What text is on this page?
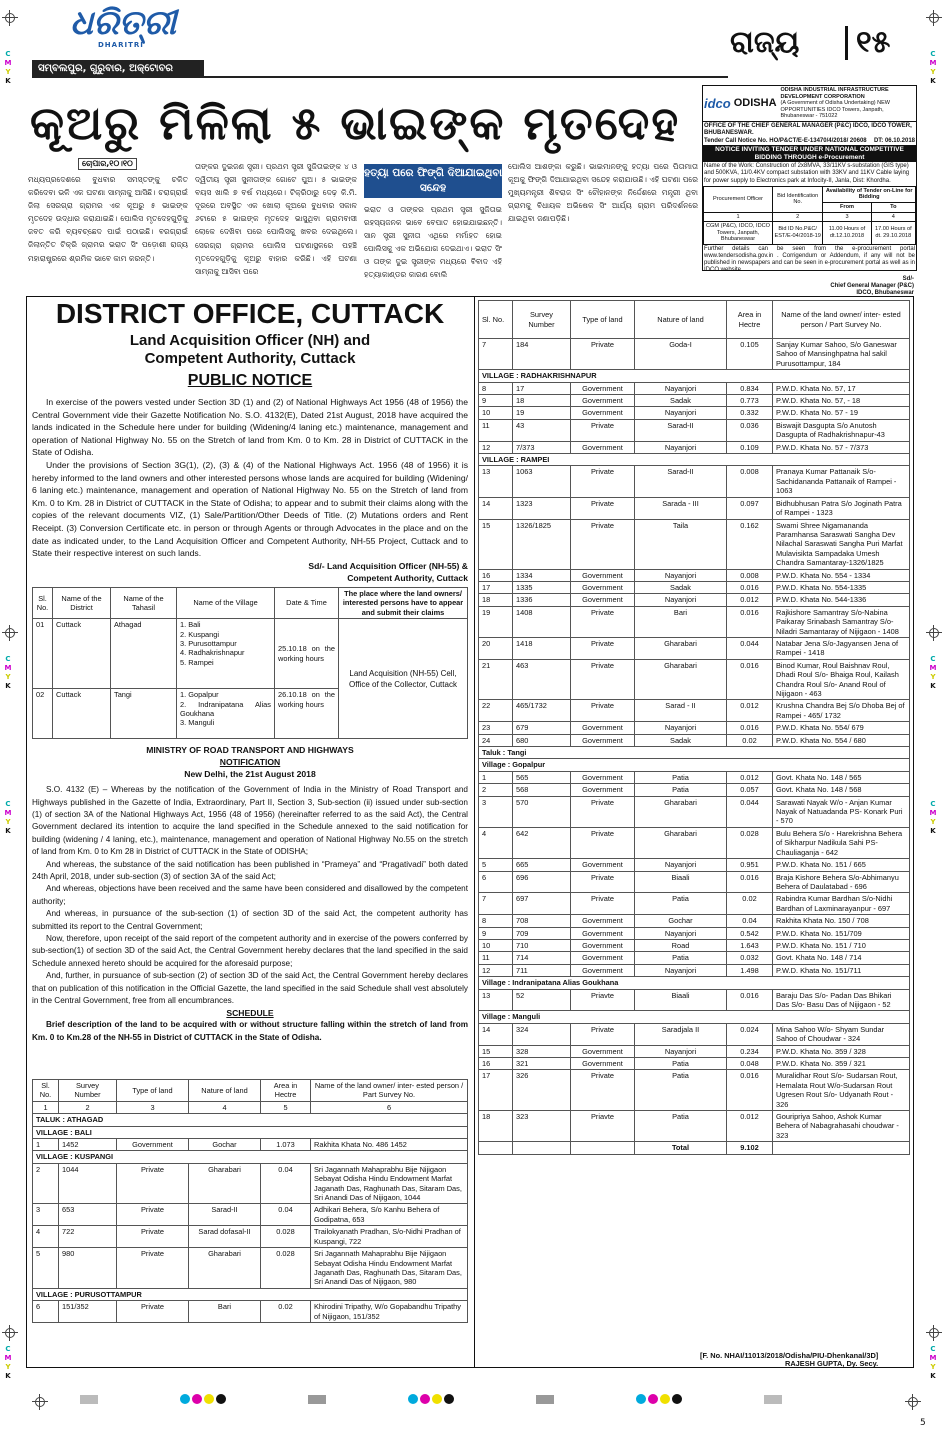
C
M
Y
K
C
M
Y
K
C
M
Y
K
C
M
Y
K
C
M
Y
K
C
M
Y
K
C
M
Y
K
C
M
Y
K
ଧରିତ୍ରୀ
DHARITRI
ସମ୍ବଲପୁର, ଗୁରୁବାର, ଅକ୍ଟୋବର ୧୧/୨୦୧୮
ରାଜ୍ୟ	୧୫
କୂଅରୁ ମିଳିଲା ୫ ଭାଇଙ୍କ ମୃତଦେହ
ଚୋପାର,୧୦।୧୦
ମଧ୍ୟପ୍ରଦେଶରେ ବୁଧବାର ସମସ୍ତଙ୍କୁ ଚକିତ କରିଦେବା ଭଳି ଏକ ଘଟଣା ସାମ୍ନାକୁ ଆସିଛି। ଚରାଗ୍ରାଇଁ ଜିଲା ସେରଗ୍ରା ଗ୍ରାମର ଏକ କୂଅରୁ ୫ ଭାଇଙ୍କ ମୃତଦେହ ଉଦ୍ଧାର କରାଯାଇଛି। ପୋଲିସ ମୃତଦେହଗୁଡ଼ିକୁ ଜବତ କରି ବ୍ୟବଚ୍ଛେଦ ପାଇଁ ପଠାଇଛି। ବରଗ୍ରାଇଁ ଜିଲାନ୍ତିତ ଟିକ୍ରି ଗ୍ରାମର ଭରାତ ସିଂ ପଡ଼ୋଶୀ ରାଜ୍ୟ ମହାରାଷ୍ଟ୍ରରେ ଶ୍ରମିକ ଭାବେ କାମ କରନ୍ତି।
ତାଙ୍କର ଦୁଇଜଣ ସ୍ତ୍ରୀ। ପ୍ରଥମ ସ୍ତ୍ରୀ ସୁଜିତାଇଙ୍କ ୪ ଓ ଦ୍ୱିତୀୟ ସ୍ତ୍ରୀ ସୁନୀତାଙ୍କ ଗୋଟେ ପୁଅ। ୫ ଭାଇଙ୍କ ବୟସ ଖାଲି ୭ ବର୍ଷ ମଧ୍ୟରେ। ଟିକ୍ରିଠାରୁ ଦେଢ଼ କି.ମି. ଦୂରରେ ଅବସ୍ଥିତ ଏକ ଖୋଲା କୂଅରେ ବୁଧବାର ସକାଳ ୬ଟାରେ ୫ ଭାଇଙ୍କ ମୃତଦେହ ଭାସୁଥିବା ଗ୍ରାମବାସୀ ଲୋକେ ଦେଖିବା ପରେ ପୋଲିସକୁ ଖବର ଦେଇଥିଲେ। ସେରଗ୍ରା ଗ୍ରାମର ପୋଲିସ ଘଟଣାସ୍ଥଳରେ ପହଞ୍ଚି ମୃତଦେହଗୁଡ଼ିକୁ କୂଅରୁ ବାହାର କରିଛି। ଏହି ଘଟଣା ସାମ୍ନାକୁ ଆସିବା ପରେ
ହତ୍ୟା ପରେ ଫିଙ୍ଗି ଦିଆଯାଇଥିବା ସନ୍ଦେହ
ଭରାତ ଓ ତାଙ୍କର ପ୍ରଥମ ସ୍ତ୍ରୀ ସୁଜିତାଇ ରହସ୍ୟଜନକ ଭାବେ ବେପାତ ହୋଇଯାଇଛନ୍ତି। ସାନ ସ୍ତ୍ରୀ ସୁନୀତା ଏଥିରେ ମର୍ମାହତ ହୋଇ ପୋଲିସକୁ ଏକ ଅଭିଯୋଗ ଦେଇଥାଏ। ଭରାତ ସିଂ ଓ ତାଙ୍କ ଦୁଇ ସ୍ତ୍ରୀଙ୍କ ମଧ୍ୟରେ ବିବାଦ ଏହି ହତ୍ୟାକାଣ୍ଡର କାରଣ ବୋଲି
ପୋଲିସ ଆଶଙ୍କା କରୁଛି। ଭାଇମାନଙ୍କୁ ହତ୍ୟା ପରେ ପିତାମାତା କୂଅକୁ ଫିଙ୍ଗି ଦିଆଯାଇଥିବା ସନ୍ଦେହ କରାଯାଉଛି। ଏହି ଘଟଣା ପରେ ମୁଖ୍ୟମନ୍ତ୍ରୀ ଶିବରାଜ ସିଂ ଚୌହାନଙ୍କ ନିର୍ଦ୍ଦେଶରେ ମନ୍ତ୍ରୀ ଥିବା ଗ୍ରାମକୁ ବିଧାୟକ ଅଭିଷେକ ସିଂ ଆର୍ଯ୍ୟ ଗ୍ରାମ ପରିଦର୍ଶନରେ ଯାଇଥିବା ଜଣାପଡ଼ିଛି।
idco ODISHA
ODISHA INDUSTRIAL INFRASTRUCTURE DEVELOPMENT CORPORATION
(A Government of Odisha Undertaking) NEW OPPORTUNITIES IDCO Towers, Janpath, Bhubaneswar - 751022
OFFICE OF THE CHIEF GENERAL MANAGER (P&C) IDCO, IDCO TOWER, BHUBANESWAR.
Tender Call Notice No. HO/P&CT/E-E-13470/4/2018/ 20608 DT: 06.10.2018
NOTICE INVITING TENDER UNDER NATIONAL COMPETITIVE BIDDING THROUGH e-Procurement
Name of the Work: Construction of 2x8MVA, 33/11KV s-substation (GIS type) and 500KVA, 11/0.4KV compact substation with 33KV and 11KV Cable laying for power supply to Electronics park at Infocity-II, Janla, Dist: Khordha.
Procurement Officer	Bid Identification No.	Availability of Tender on-Line for Bidding	
		From	To
1	2	3	4
CGM (P&C), IDCO, IDCO Towers, Janpath, Bhubaneswar	Bid ID No.P&C/ EST/E-04/2018-19	11.00 Hours of dt.12.10.2018	17.00 Hours of dt. 29.10.2018
Further details can be seen from the e-procurement portal www.tendersodisha.gov.in . Corrigendum or Addendum, if any will not be published in newspapers and can be seen in e-procurement portal as well as in IDCO website.
Sd/-
Chief General Manager (P&C)
IDCO, Bhubaneswar
DISTRICT OFFICE, CUTTACK
Land Acquisition Officer (NH) and
Competent Authority, Cuttack
PUBLIC NOTICE

In exercise of the powers vested under Section 3D (1) and (2) of National Highways Act 1956 (48 of 1956) the Central Government vide their Gazette Notification No. S.O. 4132(E), Dated 21st August, 2018 have acquired the lands indicated in the Schedule here under for building (Widening/4 laning etc.) maintenance, management and operation of National Highway No. 55 on the Stretch of land from Km. 0 to Km. 28 in District of CUTTACK in the State of Odisha.

Under the provisions of Section 3G(1), (2), (3) & (4) of the National Highways Act. 1956 (48 of 1956) it is hereby informed to the land owners and other interested persons whose lands are acquired for building (Widening/ 6 laning etc.) maintenance, management and operation of National Highway No. 55 on the Stretch of land from Km. 0 to Km. 28 in District of CUTTACK in the State of Odisha; to appear and to submit their claims along with the copies of the relevant documents VIZ, (1) Sale/Partition/Other Deeds of Title. (2) Mutations orders and Rent Receipt. (3) Conversion Certificate etc. in person or through Agents or through Advocates in the place and on the date as indicated under, to the Land Acquisition Officer and Competent Authority, NH-55 Project, Cuttack and to State their respective interest on such lands.

Sd/- Land Acquisition Officer (NH-55) &
Competent Authority, Cuttack
Sl. No.	Name of the District	Name of the Tahasil	Name of the Village	Date & Time	The place where the land owners/ interested persons have to appear and submit their claims
01	Cuttack	Athagad	1. Bali
2. Kuspangi
3. Purusottampur
4. Radhakrishnapur
5. Rampei	25.10.18 on the working hours	Land Acquisition (NH-55) Cell, Office of the Collector, Cuttack
02	Cuttack	Tangi	1. Gopalpur
2. Indranipatana Alias Goukhana
3. Manguli	26.10.18 on the working hours	
MINISTRY OF ROAD TRANSPORT AND HIGHWAYS
NOTIFICATION
New Delhi, the 21st August 2018

S.O. 4132 (E) – Whereas by the notification of the Government of India in the Ministry of Road Transport and Highways published in the Gazette of India, Extraordinary, Part II, Section 3, Sub-section (ii) issued under sub-section (1) of section 3A of the National Highways Act, 1956 (48 of 1956) (hereinafter referred to as the said Act), the Central Government declared its intention to acquire the land specified in the Schedule annexed to the said notification for building (widening / 4 laning, etc.), maintenance, management and operation of National Highway No.55 on the stretch of land from Km. 0 to Km 28 in District of CUTTACK in the State of ODISHA;

And whereas, the substance of the said notification has been published in “Prameya” and “Pragativadi” both dated 24th April, 2018, under sub-section (3) of section 3A of the said Act;

And whereas, objections have been received and the same have been considered and disallowed by the competent authority;

And whereas, in pursuance of the sub-section (1) of section 3D of the said Act, the competent authority has submitted its report to the Central Government;

Now, therefore, upon receipt of the said report of the competent authority and in exercise of the powers conferred by sub-section(1) of section 3D of the said Act, the Central Government hereby declares that the land specified in the said Schedule annexed hereto should be acquired for the aforesaid purpose;

And, further, in pursuance of sub-section (2) of section 3D of the said Act, the Central Government hereby declares that on publication of this notification in the Official Gazette, the land specified in the said Schedule shall vest absolutely in the Central Government, free from all encumbrances.

SCHEDULE

Brief description of the land to be acquired with or without structure falling within the stretch of land from Km. 0 to Km.28 of the NH-55 in District of CUTTACK in the State of Odisha.

Sl. No.	Survey Number	Type of land	Nature of land	Area in Hectre	Name of the land owner/ inter- ested person / Part Survey No.
1	2	3	4	5	6
TALUK : ATHAGAD					
VILLAGE : BALI					
1	1452	Government	Gochar	1.073	Rakhita Khata No. 486 1452
VILLAGE : KUSPANGI					
2	1044	Private	Gharabari	0.04	Sri Jagannath Mahaprabhu Bije Nijigaon Sebayat Odisha Hindu Endowment Marfat Jaganath Das, Raghunath Das, Sitaram Das, Sri Anandi Das of Nijigaon, 1044
3	653	Private	Sarad-II	0.04	Adhikari Behera, S/o Kanhu Behera of Godipatna, 653
4	722	Private	Sarad dofasal-II	0.028	Trailokyanath Pradhan, S/o-Nidhi Pradhan of Kuspangi, 722
5	980	Private	Gharabari	0.028	Sri Jagannath Mahaprabhu Bije Nijigaon Sebayat Odisha Hindu Endowment Marfat Jaganath Das, Raghunath Das, Sitaram Das, Sri Anandi Das of Nijigaon, 980
VILLAGE : PURUSOTTAMPUR					
6	151/352	Private	Bari	0.02	Khirodini Tripathy, W/o Gopabandhu Tripathy of Nijigaon, 151/352
Sl. No.	Survey Number	Type of land	Nature of land	Area in Hectre	Name of the land owner/ inter- ested person / Part Survey No.
7	184	Private	Goda-I	0.105	Sanjay Kumar Sahoo, S/o Ganeswar Sahoo of Mansinghpatna hal sakil Purusottampur, 184
VILLAGE : RADHAKRISHNAPUR					
8	17	Government	Nayanjori	0.834	P.W.D. Khata No. 57, 17
9	18	Government	Sadak	0.773	P.W.D. Khata No. 57, - 18
10	19	Government	Nayanjori	0.332	P.W.D. Khata No. 57 - 19
11	43	Private	Sarad-II	0.036	Biswajit Dasgupta S/o Anutosh Dasgupta of Radhakrishnapur-43
12	7/373	Government	Nayanjori	0.109	P.W.D. Khata No. 57 - 7/373
VILLAGE : RAMPEI					
13	1063	Private	Sarad-II	0.008	Pranaya Kumar Pattanaik S/o-Sachidananda Pattanaik of Rampei - 1063
14	1323	Private	Sarada - III	0.097	Bidhubhusan Patra S/o Joginath Patra of Rampei - 1323
15	1326/1825	Private	Taila	0.162	Swami Shree Nigamananda Paramhansa Saraswati Sangha Dev Nilachal Saraswati Sangha Puri Marfat Mulavisikta Sampadaka Umesh Chandra Samantaray-1326/1825
16	1334	Government	Nayanjori	0.008	P.W.D. Khata No. 554 - 1334
17	1335	Government	Sadak	0.016	P.W.D. Khata No. 554-1335
18	1336	Government	Nayanjori	0.012	P.W.D. Khata No. 544-1336
19	1408	Private	Bari	0.016	Rajkishore Samantray S/o-Nabina Paikaray Srinabash Samantray S/o-Niladri Samantaray of Nijigaon - 1408
20	1418	Private	Gharabari	0.044	Natabar Jena S/o-Jagyansen Jena of Rampei - 1418
21	463	Private	Gharabari	0.016	Binod Kumar, Roul Baishnav Roul, Dhadi Roul S/o- Bhaiga Roul, Kailash Chandra Roul S/o- Anand Roul of Nijigaon - 463
22	465/1732	Private	Sarad - II	0.012	Krushna Chandra Bej S/o Dhoba Bej of Rampei - 465/ 1732
23	679	Government	Nayanjori	0.016	P.W.D. Khata No. 554/ 679
24	680	Government	Sadak	0.02	P.W.D. Khata No. 554 / 680
Taluk : Tangi					
Village : Gopalpur					
1	565	Government	Patia	0.012	Govt. Khata No. 148 / 565
2	568	Government	Patia	0.057	Govt. Khata No. 148 / 568
3	570	Private	Gharabari	0.044	Sarawati Nayak W/o - Anjan Kumar Nayak of Natuadanda PS- Konark Puri - 570
4	642	Private	Gharabari	0.028	Bulu Behera S/o - Harekrishna Behera of Sikharpur Nadikula Sahi PS- Chauliaganja - 642
5	665	Government	Nayanjori	0.951	P.W.D. Khata No. 151 / 665
6	696	Private	Biaali	0.016	Braja Kishore Behera S/o-Abhimanyu Behera of Daulatabad - 696
7	697	Private	Patia	0.02	Rabindra Kumar Bardhan S/o-Nidhi Bardhan of Laxminarayanpur - 697
8	708	Government	Gochar	0.04	Rakhita Khata No. 150 / 708
9	709	Government	Nayanjori	0.542	P.W.D. Khata No. 151/709
10	710	Government	Road	1.643	P.W.D. Khata No. 151 / 710
11	714	Government	Patia	0.032	Govt. Khata No. 148 / 714
12	711	Government	Nayanjori	1.498	P.W.D. Khata No. 151/711
Village : Indranipatana Alias Goukhana					
13	52	Priavte	Biaali	0.016	Baraju Das S/o- Padan Das Bhikari Das S/o- Basu Das of Nijigaon - 52
Village : Manguli					
14	324	Private	Saradjala II	0.024	Mina Sahoo W/o- Shyam Sundar Sahoo of Choudwar - 324
15	328	Government	Nayanjori	0.234	P.W.D. Khata No. 359 / 328
16	321	Government	Patia	0.048	P.W.D. Khata No. 359 / 321
17	326	Private	Patia	0.016	Muralidhar Rout S/o- Sudarsan Rout, Hemalata Rout W/o-Sudarsan Rout Ugresen Rout S/o- Udyanath Rout - 326
18	323	Priavte	Patia	0.012	Gouripriya Sahoo, Ashok Kumar Behera of Nabagrahasahi choudwar - 323
			Total	9.102	
[F. No. NHAI/11013/2018/Odisha/PIU-Dhenkanal/3D]
RAJESH GUPTA, Dy. Secy.

5
